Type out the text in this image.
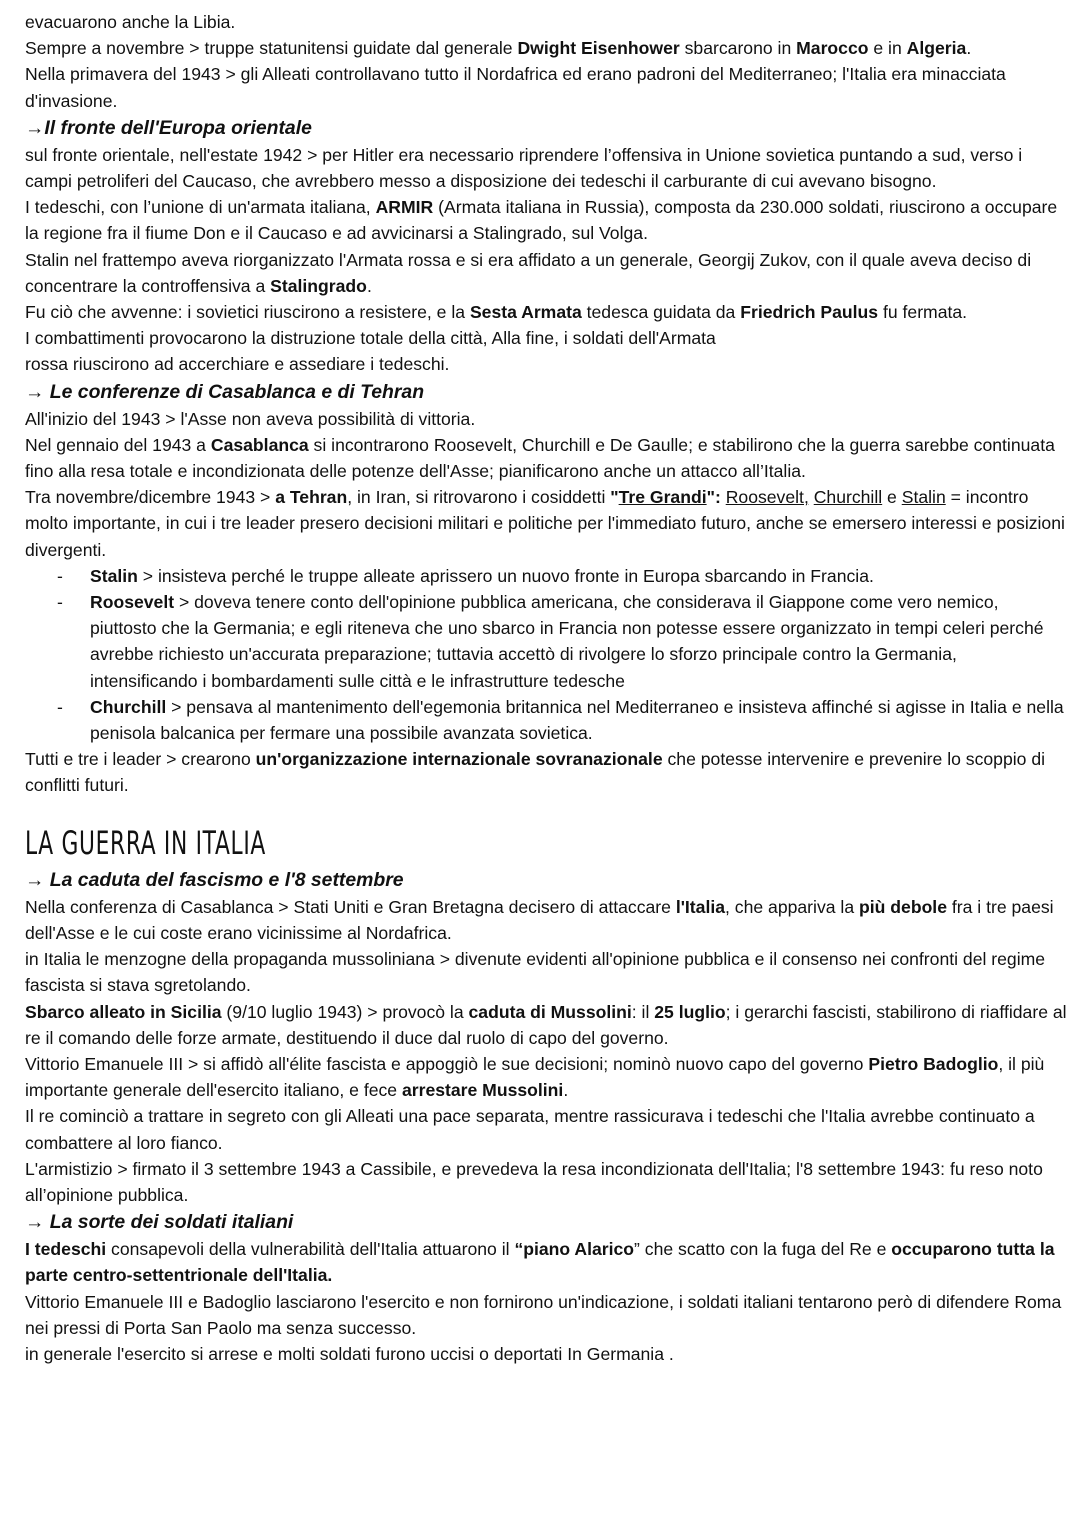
evacuarono anche la Libia.

Sempre a novembre > truppe statunitensi guidate dal generale Dwight Eisenhower sbarcarono in Marocco e in Algeria.

Nella primavera del 1943 > gli Alleati controllavano tutto il Nordafrica ed erano padroni del Mediterraneo; l'Italia era minacciata d'invasione.

→Il fronte dell'Europa orientale

sul fronte orientale, nell'estate 1942 > per Hitler era necessario riprendere l’offensiva in Unione sovietica puntando a sud, verso i campi petroliferi del Caucaso, che avrebbero messo a disposizione dei tedeschi il carburante di cui avevano bisogno.

I tedeschi, con l’unione di un'armata italiana, ARMIR (Armata italiana in Russia), composta da 230.000 soldati, riuscirono a occupare la regione fra il fiume Don e il Caucaso e ad avvicinarsi a Stalingrado, sul Volga.

Stalin nel frattempo aveva riorganizzato l'Armata rossa e si era affidato a un generale, Georgij Zukov, con il quale aveva deciso di concentrare la controffensiva a Stalingrado.

Fu ciò che avvenne: i sovietici riuscirono a resistere, e la Sesta Armata tedesca guidata da Friedrich Paulus fu fermata.

I combattimenti provocarono la distruzione totale della città, Alla fine, i soldati dell'Armata

rossa riuscirono ad accerchiare e assediare i tedeschi.

→ Le conferenze di Casablanca e di Tehran

All'inizio del 1943 > l'Asse non aveva possibilità di vittoria.

Nel gennaio del 1943 a Casablanca si incontrarono Roosevelt, Churchill e De Gaulle; e stabilirono che la guerra sarebbe continuata fino alla resa totale e incondizionata delle potenze dell'Asse; pianificarono anche un attacco all’Italia.

Tra novembre/dicembre 1943 > a Tehran, in Iran, si ritrovarono i cosiddetti "Tre Grandi": Roosevelt, Churchill e Stalin = incontro molto importante, in cui i tre leader presero decisioni militari e politiche per l'immediato futuro, anche se emersero interessi e posizioni divergenti.

- Stalin > insisteva perché le truppe alleate aprissero un nuovo fronte in Europa sbarcando in Francia.
- Roosevelt > doveva tenere conto dell'opinione pubblica americana, che considerava il Giappone come vero nemico, piuttosto che la Germania; e egli riteneva che uno sbarco in Francia non potesse essere organizzato in tempi celeri perché avrebbe richiesto un'accurata preparazione; tuttavia accettò di rivolgere lo sforzo principale contro la Germania, intensificando i bombardamenti sulle città e le infrastrutture tedesche
- Churchill > pensava al mantenimento dell'egemonia britannica nel Mediterraneo e insisteva affinché si agisse in Italia e nella penisola balcanica per fermare una possibile avanzata sovietica.

Tutti e tre i leader > crearono un'organizzazione internazionale sovranazionale che potesse intervenire e prevenire lo scoppio di conflitti futuri.

LA GUERRA IN ITALIA

→ La caduta del fascismo e l'8 settembre

Nella conferenza di Casablanca > Stati Uniti e Gran Bretagna decisero di attaccare l'Italia, che appariva la più debole fra i tre paesi dell'Asse e le cui coste erano vicinissime al Nordafrica.

in Italia le menzogne della propaganda mussoliniana > divenute evidenti all'opinione pubblica e il consenso nei confronti del regime fascista si stava sgretolando.

Sbarco alleato in Sicilia (9/10 luglio 1943) > provocò la caduta di Mussolini: il 25 luglio; i gerarchi fascisti, stabilirono di riaffidare al re il comando delle forze armate, destituendo il duce dal ruolo di capo del governo.

Vittorio Emanuele III > si affidò all'élite fascista e appoggiò le sue decisioni; nominò nuovo capo del governo Pietro Badoglio, il più importante generale dell'esercito italiano, e fece arrestare Mussolini.

Il re cominciò a trattare in segreto con gli Alleati una pace separata, mentre rassicurava i tedeschi che l'Italia avrebbe continuato a combattere al loro fianco.

L'armistizio > firmato il 3 settembre 1943 a Cassibile, e prevedeva la resa incondizionata dell'Italia; l'8 settembre 1943: fu reso noto all’opinione pubblica.

→ La sorte dei soldati italiani

I tedeschi consapevoli della vulnerabilità dell'Italia attuarono il “piano Alarico” che scatto con la fuga del Re e occuparono tutta la parte centro-settentrionale dell'Italia.

Vittorio Emanuele III e Badoglio lasciarono l'esercito e non fornirono un'indicazione, i soldati italiani tentarono però di difendere Roma nei pressi di Porta San Paolo ma senza successo.

in generale l'esercito si arrese e molti soldati furono uccisi o deportati In Germania .
